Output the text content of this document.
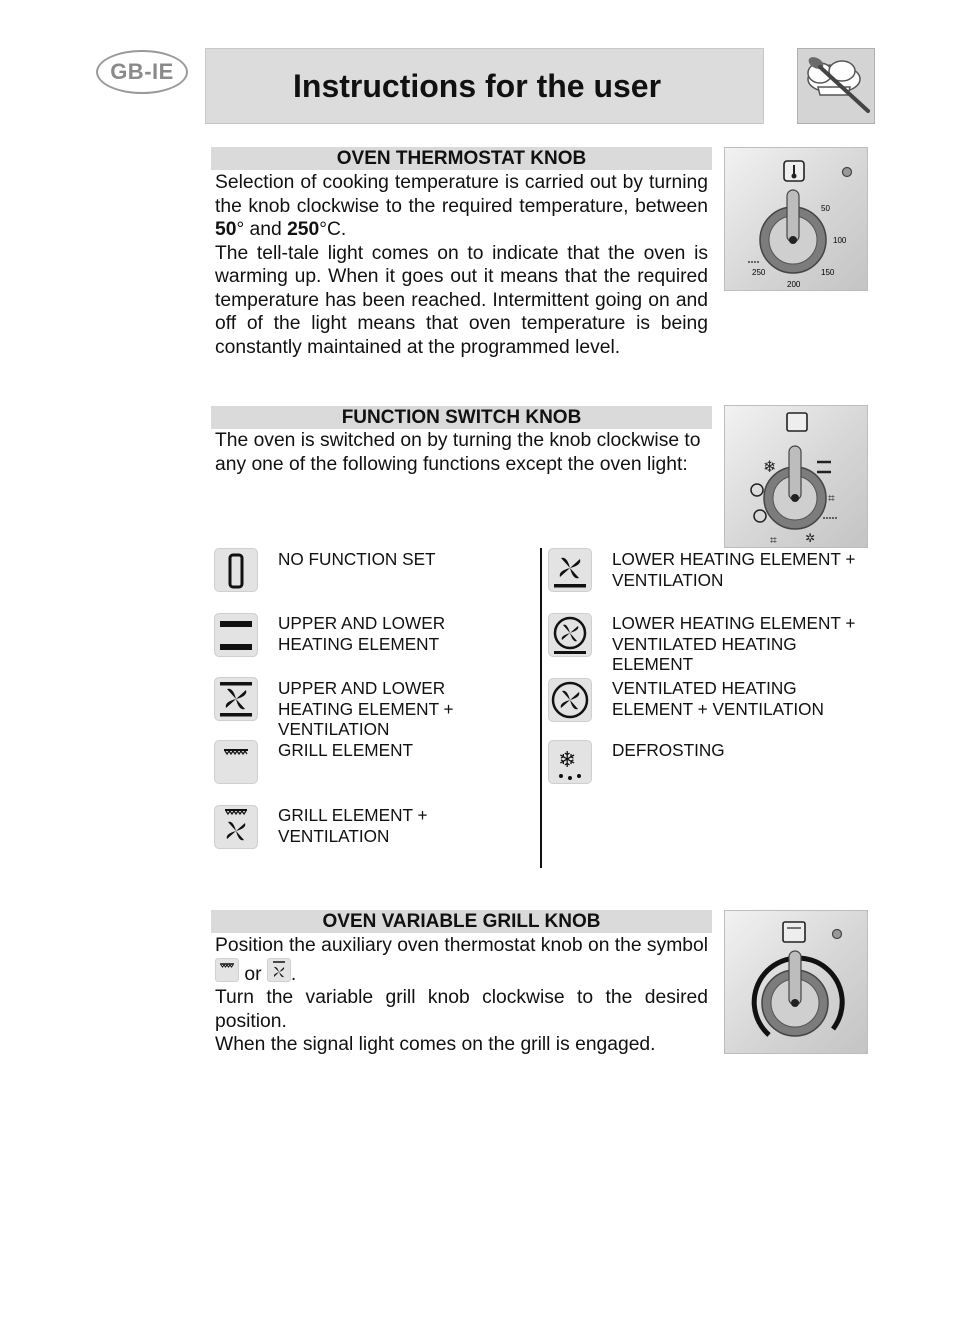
GB-IE	Instructions for the user
OVEN THERMOSTAT KNOB

Selection of cooking temperature is carried out by turning the knob clockwise to the required temperature, between 50° and 250°C.

The tell-tale light comes on to indicate that the oven is warming up. When it goes out it means that the required temperature has been reached. Intermittent going on and off of the light means that oven temperature is being constantly maintained at the programmed level.

50
100
150
200
250
FUNCTION SWITCH KNOB

The oven is switched on by turning the knob clockwise to any one of the following functions except the oven light:	❄
⌗
✲
⌗
NO FUNCTION SET
UPPER AND LOWER HEATING ELEMENT
UPPER AND LOWER HEATING ELEMENT + VENTILATION
GRILL ELEMENT
GRILL ELEMENT + VENTILATION
LOWER HEATING ELEMENT + VENTILATION
LOWER HEATING ELEMENT + VENTILATED HEATING ELEMENT
VENTILATED HEATING ELEMENT + VENTILATION
❄ DEFROSTING
OVEN VARIABLE GRILL KNOB

Position the auxiliary oven thermostat knob on the symbol
or
.

Turn the variable grill knob clockwise to the desired position.

When the signal light comes on the grill is engaged.
